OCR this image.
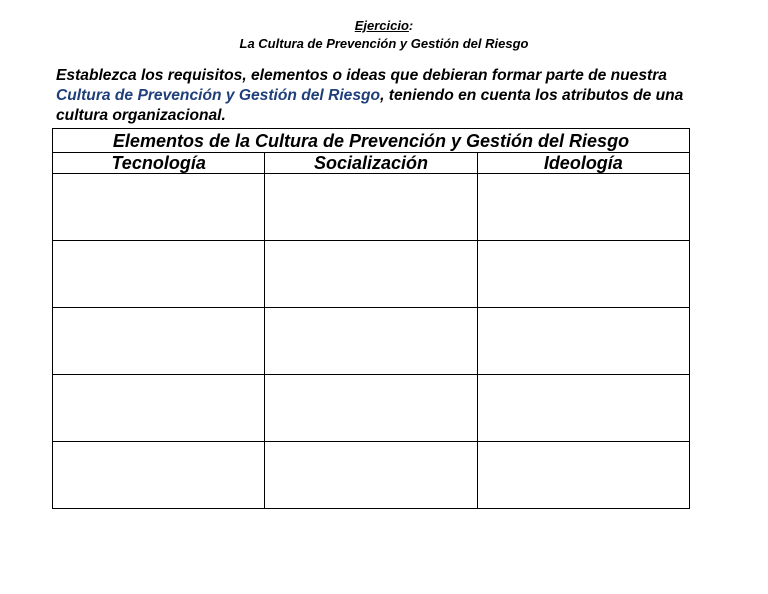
Ejercicio:
La Cultura de Prevención y Gestión del Riesgo

Establezca los requisitos, elementos o ideas que debieran formar parte de nuestra Cultura de Prevención y Gestión del Riesgo, teniendo en cuenta los atributos de una cultura organizacional.

Elementos de la Cultura de Prevención y Gestión del Riesgo		
Tecnología	Socialización	Ideología
